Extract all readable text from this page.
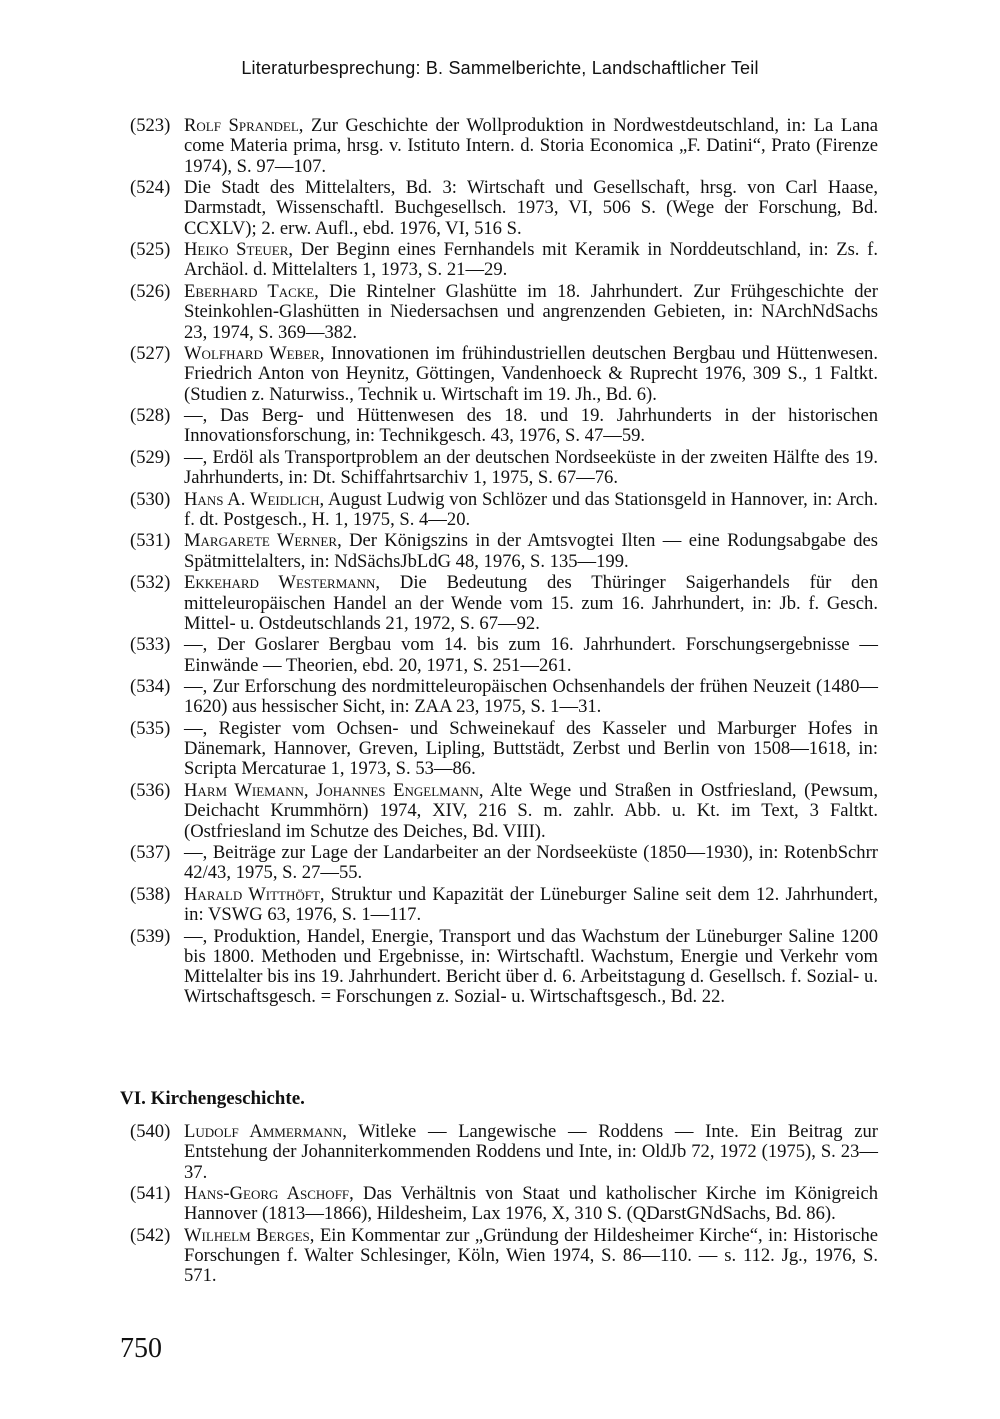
Literaturbesprechung: B. Sammelberichte, Landschaftlicher Teil
(523) Rolf Sprandel, Zur Geschichte der Wollproduktion in Nordwestdeutschland, in: La Lana come Materia prima, hrsg. v. Istituto Intern. d. Storia Economica „F. Datini“, Prato (Firenze 1974), S. 97—107.
(524) Die Stadt des Mittelalters, Bd. 3: Wirtschaft und Gesellschaft, hrsg. von Carl Haase, Darmstadt, Wissenschaftl. Buchgesellsch. 1973, VI, 506 S. (Wege der Forschung, Bd. CCXLV); 2. erw. Aufl., ebd. 1976, VI, 516 S.
(525) Heiko Steuer, Der Beginn eines Fernhandels mit Keramik in Norddeutschland, in: Zs. f. Archäol. d. Mittelalters 1, 1973, S. 21—29.
(526) Eberhard Tacke, Die Rintelner Glashütte im 18. Jahrhundert. Zur Frühgeschichte der Steinkohlen-Glashütten in Niedersachsen und angrenzenden Gebieten, in: NArchNdSachs 23, 1974, S. 369—382.
(527) Wolfhard Weber, Innovationen im frühindustriellen deutschen Bergbau und Hüttenwesen. Friedrich Anton von Heynitz, Göttingen, Vandenhoeck & Ruprecht 1976, 309 S., 1 Faltkt. (Studien z. Naturwiss., Technik u. Wirtschaft im 19. Jh., Bd. 6).
(528) —, Das Berg- und Hüttenwesen des 18. und 19. Jahrhunderts in der historischen Innovationsforschung, in: Technikgesch. 43, 1976, S. 47—59.
(529) —, Erdöl als Transportproblem an der deutschen Nordseeküste in der zweiten Hälfte des 19. Jahrhunderts, in: Dt. Schiffahrtsarchiv 1, 1975, S. 67—76.
(530) Hans A. Weidlich, August Ludwig von Schlözer und das Stationsgeld in Hannover, in: Arch. f. dt. Postgesch., H. 1, 1975, S. 4—20.
(531) Margarete Werner, Der Königszins in der Amtsvogtei Ilten — eine Rodungsabgabe des Spätmittelalters, in: NdSächsJbLdG 48, 1976, S. 135—199.
(532) Ekkehard Westermann, Die Bedeutung des Thüringer Saigerhandels für den mitteleuropäischen Handel an der Wende vom 15. zum 16. Jahrhundert, in: Jb. f. Gesch. Mittel- u. Ostdeutschlands 21, 1972, S. 67—92.
(533) —, Der Goslarer Bergbau vom 14. bis zum 16. Jahrhundert. Forschungsergebnisse — Einwände — Theorien, ebd. 20, 1971, S. 251—261.
(534) —, Zur Erforschung des nordmitteleuropäischen Ochsenhandels der frühen Neuzeit (1480—1620) aus hessischer Sicht, in: ZAA 23, 1975, S. 1—31.
(535) —, Register vom Ochsen- und Schweinekauf des Kasseler und Marburger Hofes in Dänemark, Hannover, Greven, Lipling, Buttstädt, Zerbst und Berlin von 1508—1618, in: Scripta Mercaturae 1, 1973, S. 53—86.
(536) Harm Wiemann, Johannes Engelmann, Alte Wege und Straßen in Ostfriesland, (Pewsum, Deichacht Krummhörn) 1974, XIV, 216 S. m. zahlr. Abb. u. Kt. im Text, 3 Faltkt. (Ostfriesland im Schutze des Deiches, Bd. VIII).
(537) —, Beiträge zur Lage der Landarbeiter an der Nordseeküste (1850—1930), in: RotenbSchrr 42/43, 1975, S. 27—55.
(538) Harald Witthöft, Struktur und Kapazität der Lüneburger Saline seit dem 12. Jahrhundert, in: VSWG 63, 1976, S. 1—117.
(539) —, Produktion, Handel, Energie, Transport und das Wachstum der Lüneburger Saline 1200 bis 1800. Methoden und Ergebnisse, in: Wirtschaftl. Wachstum, Energie und Verkehr vom Mittelalter bis ins 19. Jahrhundert. Bericht über d. 6. Arbeitstagung d. Gesellsch. f. Sozial- u. Wirtschaftsgesch. = Forschungen z. Sozial- u. Wirtschaftsgesch., Bd. 22.
VI. Kirchengeschichte.
(540) Ludolf Ammermann, Witleke — Langewische — Roddens — Inte. Ein Beitrag zur Entstehung der Johanniterkommenden Roddens und Inte, in: OldJb 72, 1972 (1975), S. 23—37.
(541) Hans-Georg Aschoff, Das Verhältnis von Staat und katholischer Kirche im Königreich Hannover (1813—1866), Hildesheim, Lax 1976, X, 310 S. (QDarstGNdSachs, Bd. 86).
(542) Wilhelm Berges, Ein Kommentar zur „Gründung der Hildesheimer Kirche“, in: Historische Forschungen f. Walter Schlesinger, Köln, Wien 1974, S. 86—110. — s. 112. Jg., 1976, S. 571.
750
